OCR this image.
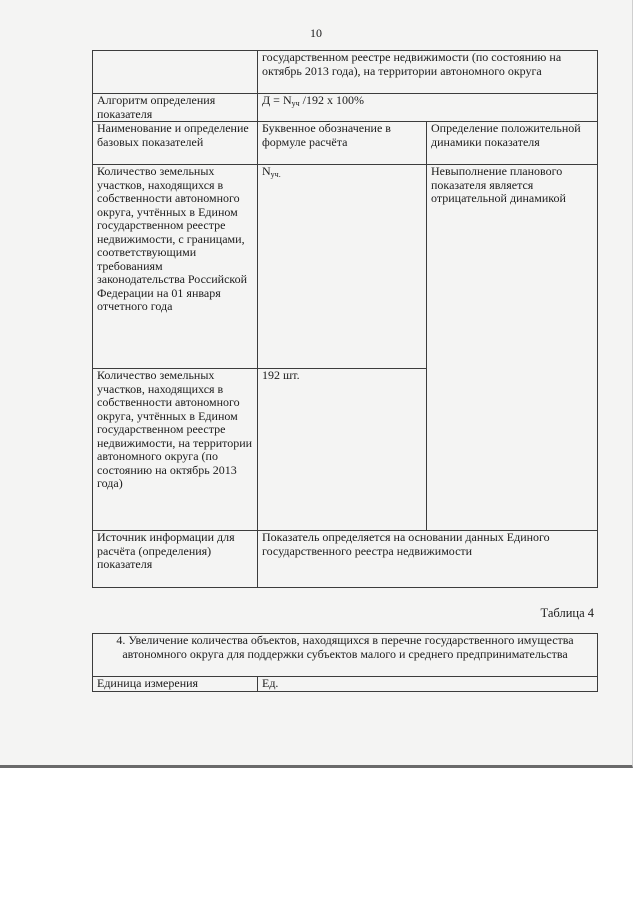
10
	государственном реестре недвижимости (по состоянию на октябрь 2013 года), на территории автономного округа	
Алгоритм определения показателя	$Д = N_{уч}$ /192 х 100%	
Наименование и определение базовых показателей	Буквенное обозначение в формуле расчёта	Определение положительной динамики показателя
Количество земельных участков, находящихся в собственности автономного округа, учтённых в Едином государственном реестре недвижимости, с границами, соответствующими требованиям законодательства Российской Федерации на 01 января отчетного года	$N_{уч.}$	Невыполнение планового показателя является отрицательной динамикой
Количество земельных участков, находящихся в собственности автономного округа, учтённых в Едином государственном реестре недвижимости, на территории автономного округа (по состоянию на октябрь 2013 года)	192 шт.	
Источник информации для расчёта (определения) показателя	Показатель определяется на основании данных Единого государственного реестра недвижимости	
Таблица 4
4. Увеличение количества объектов, находящихся в перечне государственного имущества автономного округа для поддержки субъектов малого и среднего предпринимательства
Единица измерения	Ед.
